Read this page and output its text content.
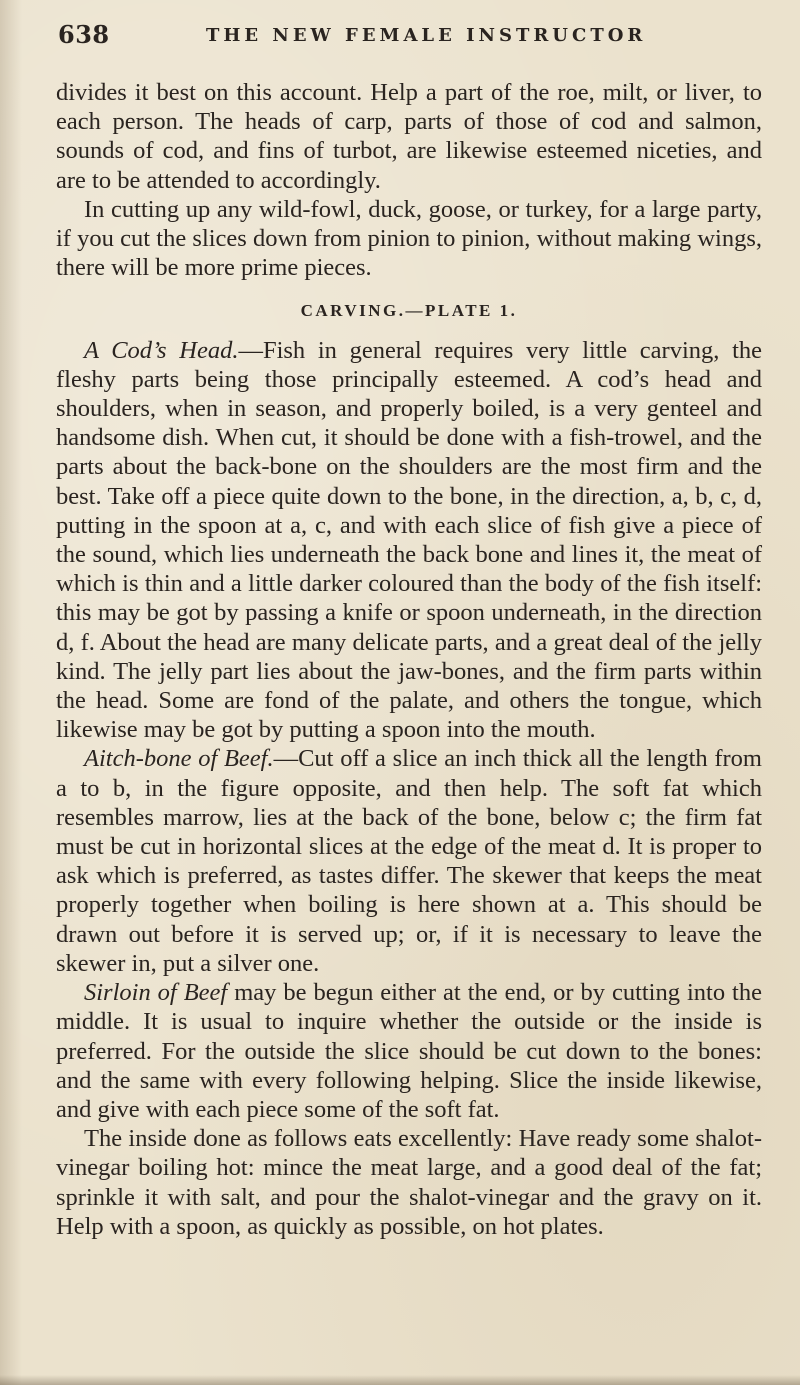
638	THE NEW FEMALE INSTRUCTOR

divides it best on this account. Help a part of the roe, milt, or liver, to each person. The heads of carp, parts of those of cod and salmon, sounds of cod, and fins of turbot, are likewise esteemed niceties, and are to be attended to accordingly.

In cutting up any wild-fowl, duck, goose, or turkey, for a large party, if you cut the slices down from pinion to pinion, without making wings, there will be more prime pieces.

CARVING.—PLATE 1.

A Cod’s Head.—Fish in general requires very little carving, the fleshy parts being those principally esteemed. A cod’s head and shoulders, when in season, and properly boiled, is a very genteel and handsome dish. When cut, it should be done with a fish-trowel, and the parts about the back-bone on the shoulders are the most firm and the best. Take off a piece quite down to the bone, in the direction, a, b, c, d, putting in the spoon at a, c, and with each slice of fish give a piece of the sound, which lies underneath the back bone and lines it, the meat of which is thin and a little darker coloured than the body of the fish itself: this may be got by passing a knife or spoon underneath, in the direction d, f. About the head are many delicate parts, and a great deal of the jelly kind. The jelly part lies about the jaw-bones, and the firm parts within the head. Some are fond of the palate, and others the tongue, which likewise may be got by putting a spoon into the mouth.

Aitch-bone of Beef.—Cut off a slice an inch thick all the length from a to b, in the figure opposite, and then help. The soft fat which resembles marrow, lies at the back of the bone, below c; the firm fat must be cut in horizontal slices at the edge of the meat d. It is proper to ask which is preferred, as tastes differ. The skewer that keeps the meat properly together when boiling is here shown at a. This should be drawn out before it is served up; or, if it is necessary to leave the skewer in, put a silver one.

Sirloin of Beef may be begun either at the end, or by cutting into the middle. It is usual to inquire whether the outside or the inside is preferred. For the outside the slice should be cut down to the bones: and the same with every following helping. Slice the inside likewise, and give with each piece some of the soft fat.

The inside done as follows eats excellently: Have ready some shalot-vinegar boiling hot: mince the meat large, and a good deal of the fat; sprinkle it with salt, and pour the shalot-vinegar and the gravy on it. Help with a spoon, as quickly as possible, on hot plates.
